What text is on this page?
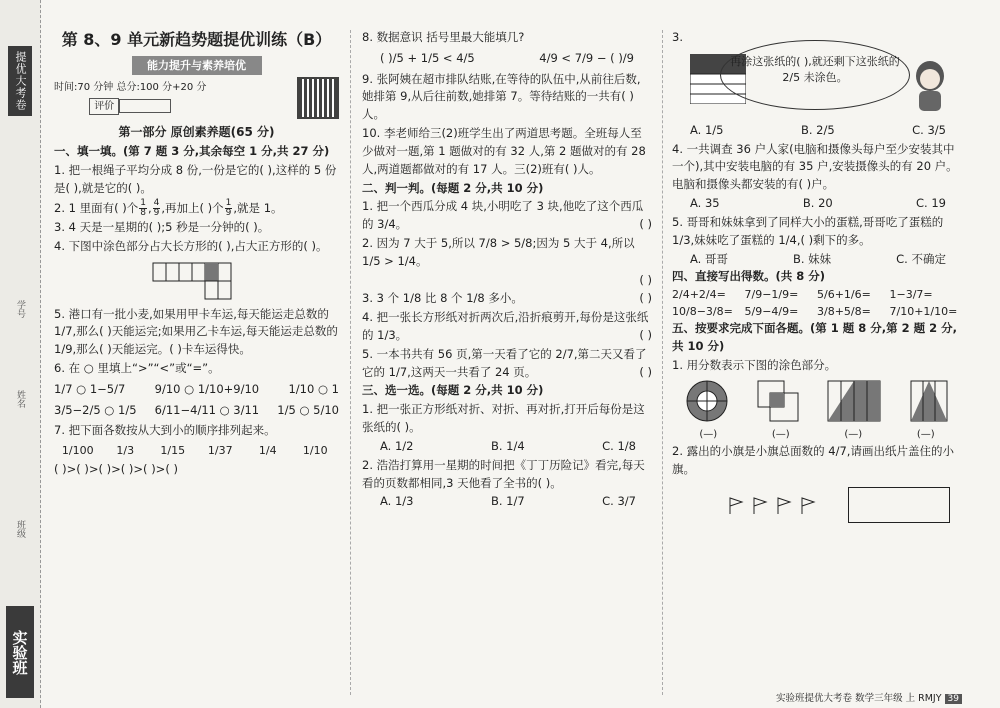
提优大考卷
学号
姓名
班级
实验班
第 8、9 单元新趋势题提优训练（B）
能力提升与素养培优
时间:70 分钟 总分:100 分+20 分
评价
第一部分 原创素养题(65 分)
一、填一填。(第 7 题 3 分,其余每空 1 分,共 27 分)
1. 把一根绳子平均分成 8 份,一份是它的( ),这样的 5 份是( ),就是它的( )。
2. 1 里面有( )个 $\frac{1}{8}$ , $\frac{4}{9}$ ,再加上( )个 $\frac{1}{9}$ ,就是 1。
3. 4 天是一星期的( );5 秒是一分钟的( )。
4. 下图中涂色部分占大长方形的( ),占大正方形的( )。
5. 港口有一批小麦,如果用甲卡车运,每天能运走总数的 1/7,那么( )天能运完;如果用乙卡车运,每天能运走总数的 1/9,那么( )天能运完。( )卡车运得快。
6. 在 ○ 里填上“>”“<”或“=”。
1/7 ○ 1−5/7	9/10 ○ 1/10+9/10	1/10 ○ 1
3/5−2/5 ○ 1/5 6/11−4/11 ○ 3/11 1/5 ○ 5/10
7. 把下面各数按从大到小的顺序排列起来。
1/100	1/3	1/15	1/37	1/4	1/10
( )>( )>( )>( )>( )>( )
8. 数据意识 括号里最大能填几?
( )/5 + 1/5 < 4/5	4/9 < 7/9 − ( )/9
9. 张阿姨在超市排队结账,在等待的队伍中,从前往后数,她排第 9,从后往前数,她排第 7。等待结账的一共有( )人。
10. 李老师给三(2)班学生出了两道思考题。全班每人至少做对一题,第 1 题做对的有 32 人,第 2 题做对的有 28 人,两道题都做对的有 17 人。三(2)班有( )人。
二、判一判。(每题 2 分,共 10 分)
1. 把一个西瓜分成 4 块,小明吃了 3 块,他吃了这个西瓜的 3/4。	( )
2. 因为 7 大于 5,所以 7/8 > 5/8;因为 5 大于 4,所以 1/5 > 1/4。
( )
3. 3 个 1/8 比 8 个 1/8 多小。	( )
4. 把一张长方形纸对折两次后,沿折痕剪开,每份是这张纸的 1/3。	( )
5. 一本书共有 56 页,第一天看了它的 2/7,第二天又看了它的 1/7,这两天一共看了 24 页。	( )
三、选一选。(每题 2 分,共 10 分)
1. 把一张正方形纸对折、对折、再对折,打开后每份是这张纸的( )。
A. 1/2	B. 1/4	C. 1/8
2. 浩浩打算用一星期的时间把《丁丁历险记》看完,每天看的页数都相同,3 天他看了全书的( )。
A. 1/3	B. 1/7	C. 3/7
3.
A. 1/5	B. 2/5	C. 3/5
4. 一共调查 36 户人家(电脑和摄像头每户至少安装其中一个),其中安装电脑的有 35 户,安装摄像头的有 20 户。电脑和摄像头都安装的有( )户。
A. 35	B. 20	C. 19
5. 哥哥和妹妹拿到了同样大小的蛋糕,哥哥吃了蛋糕的 1/3,妹妹吃了蛋糕的 1/4,( )剩下的多。
A. 哥哥	B. 妹妹	C. 不确定
四、直接写出得数。(共 8 分)
2/4+2/4=	7/9−1/9=	5/6+1/6=	1−3/7=
10/8−3/8=	5/9−4/9=	3/8+5/8=	7/10+1/10=
五、按要求完成下面各题。(第 1 题 8 分,第 2 题 2 分,共 10 分)
1. 用分数表示下图的涂色部分。
(—)	(—)	(—)	(—)
2. 露出的小旗是小旗总面数的 4/7,请画出纸片盖住的小旗。
再涂这张纸的( ),就还剩下这张纸的 2/5 未涂色。
实验班提优大考卷 数学三年级 上 RMJY 39
